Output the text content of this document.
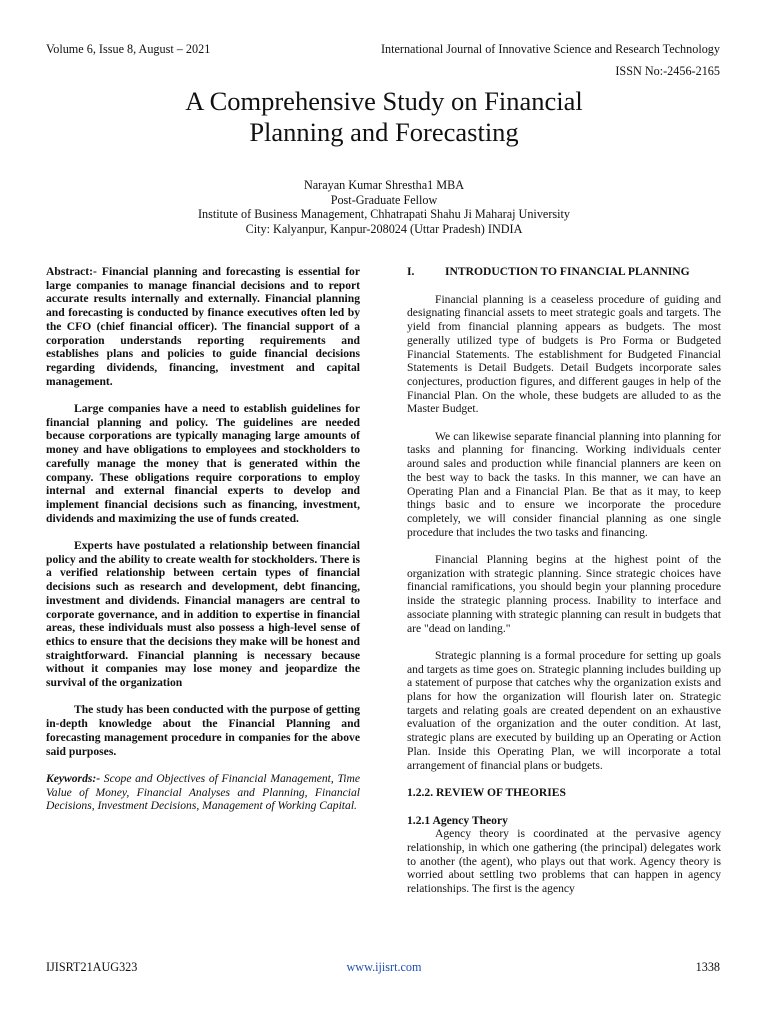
Volume 6, Issue 8, August – 2021	International Journal of Innovative Science and Research Technology
ISSN No:-2456-2165
A Comprehensive Study on Financial
Planning and Forecasting
Narayan Kumar Shrestha1 MBA
Post-Graduate Fellow
Institute of Business Management, Chhatrapati Shahu Ji Maharaj University
City: Kalyanpur, Kanpur-208024 (Uttar Pradesh) INDIA

Abstract:- Financial planning and forecasting is essential for large companies to manage financial decisions and to report accurate results internally and externally. Financial planning and forecasting is conducted by finance executives often led by the CFO (chief financial officer). The financial support of a corporation understands reporting requirements and establishes plans and policies to guide financial decisions regarding dividends, financing, investment and capital management.

Large companies have a need to establish guidelines for financial planning and policy. The guidelines are needed because corporations are typically managing large amounts of money and have obligations to employees and stockholders to carefully manage the money that is generated within the company. These obligations require corporations to employ internal and external financial experts to develop and implement financial decisions such as financing, investment, dividends and maximizing the use of funds created.

Experts have postulated a relationship between financial policy and the ability to create wealth for stockholders. There is a verified relationship between certain types of financial decisions such as research and development, debt financing, investment and dividends. Financial managers are central to corporate governance, and in addition to expertise in financial areas, these individuals must also possess a high-level sense of ethics to ensure that the decisions they make will be honest and straightforward. Financial planning is necessary because without it companies may lose money and jeopardize the survival of the organization

The study has been conducted with the purpose of getting in-depth knowledge about the Financial Planning and forecasting management procedure in companies for the above said purposes.

Keywords:- Scope and Objectives of Financial Management, Time Value of Money, Financial Analyses and Planning, Financial Decisions, Investment Decisions, Management of Working Capital.

I.	INTRODUCTION TO FINANCIAL PLANNING

Financial planning is a ceaseless procedure of guiding and designating financial assets to meet strategic goals and targets. The yield from financial planning appears as budgets. The most generally utilized type of budgets is Pro Forma or Budgeted Financial Statements. The establishment for Budgeted Financial Statements is Detail Budgets. Detail Budgets incorporate sales conjectures, production figures, and different gauges in help of the Financial Plan. On the whole, these budgets are alluded to as the Master Budget.

We can likewise separate financial planning into planning for tasks and planning for financing. Working individuals center around sales and production while financial planners are keen on the best way to back the tasks. In this manner, we can have an Operating Plan and a Financial Plan. Be that as it may, to keep things basic and to ensure we incorporate the procedure completely, we will consider financial planning as one single procedure that includes the two tasks and financing.

Financial Planning begins at the highest point of the organization with strategic planning. Since strategic choices have financial ramifications, you should begin your planning procedure inside the strategic planning process. Inability to interface and associate planning with strategic planning can result in budgets that are "dead on landing."

Strategic planning is a formal procedure for setting up goals and targets as time goes on. Strategic planning includes building up a statement of purpose that catches why the organization exists and plans for how the organization will flourish later on. Strategic targets and relating goals are created dependent on an exhaustive evaluation of the organization and the outer condition. At last, strategic plans are executed by building up an Operating or Action Plan. Inside this Operating Plan, we will incorporate a total arrangement of financial plans or budgets.

1.2.2. REVIEW OF THEORIES
1.2.1 Agency Theory

Agency theory is coordinated at the pervasive agency relationship, in which one gathering (the principal) delegates work to another (the agent), who plays out that work. Agency theory is worried about settling two problems that can happen in agency relationships. The first is the agency

IJISRT21AUG323	www.ijisrt.com	1338
